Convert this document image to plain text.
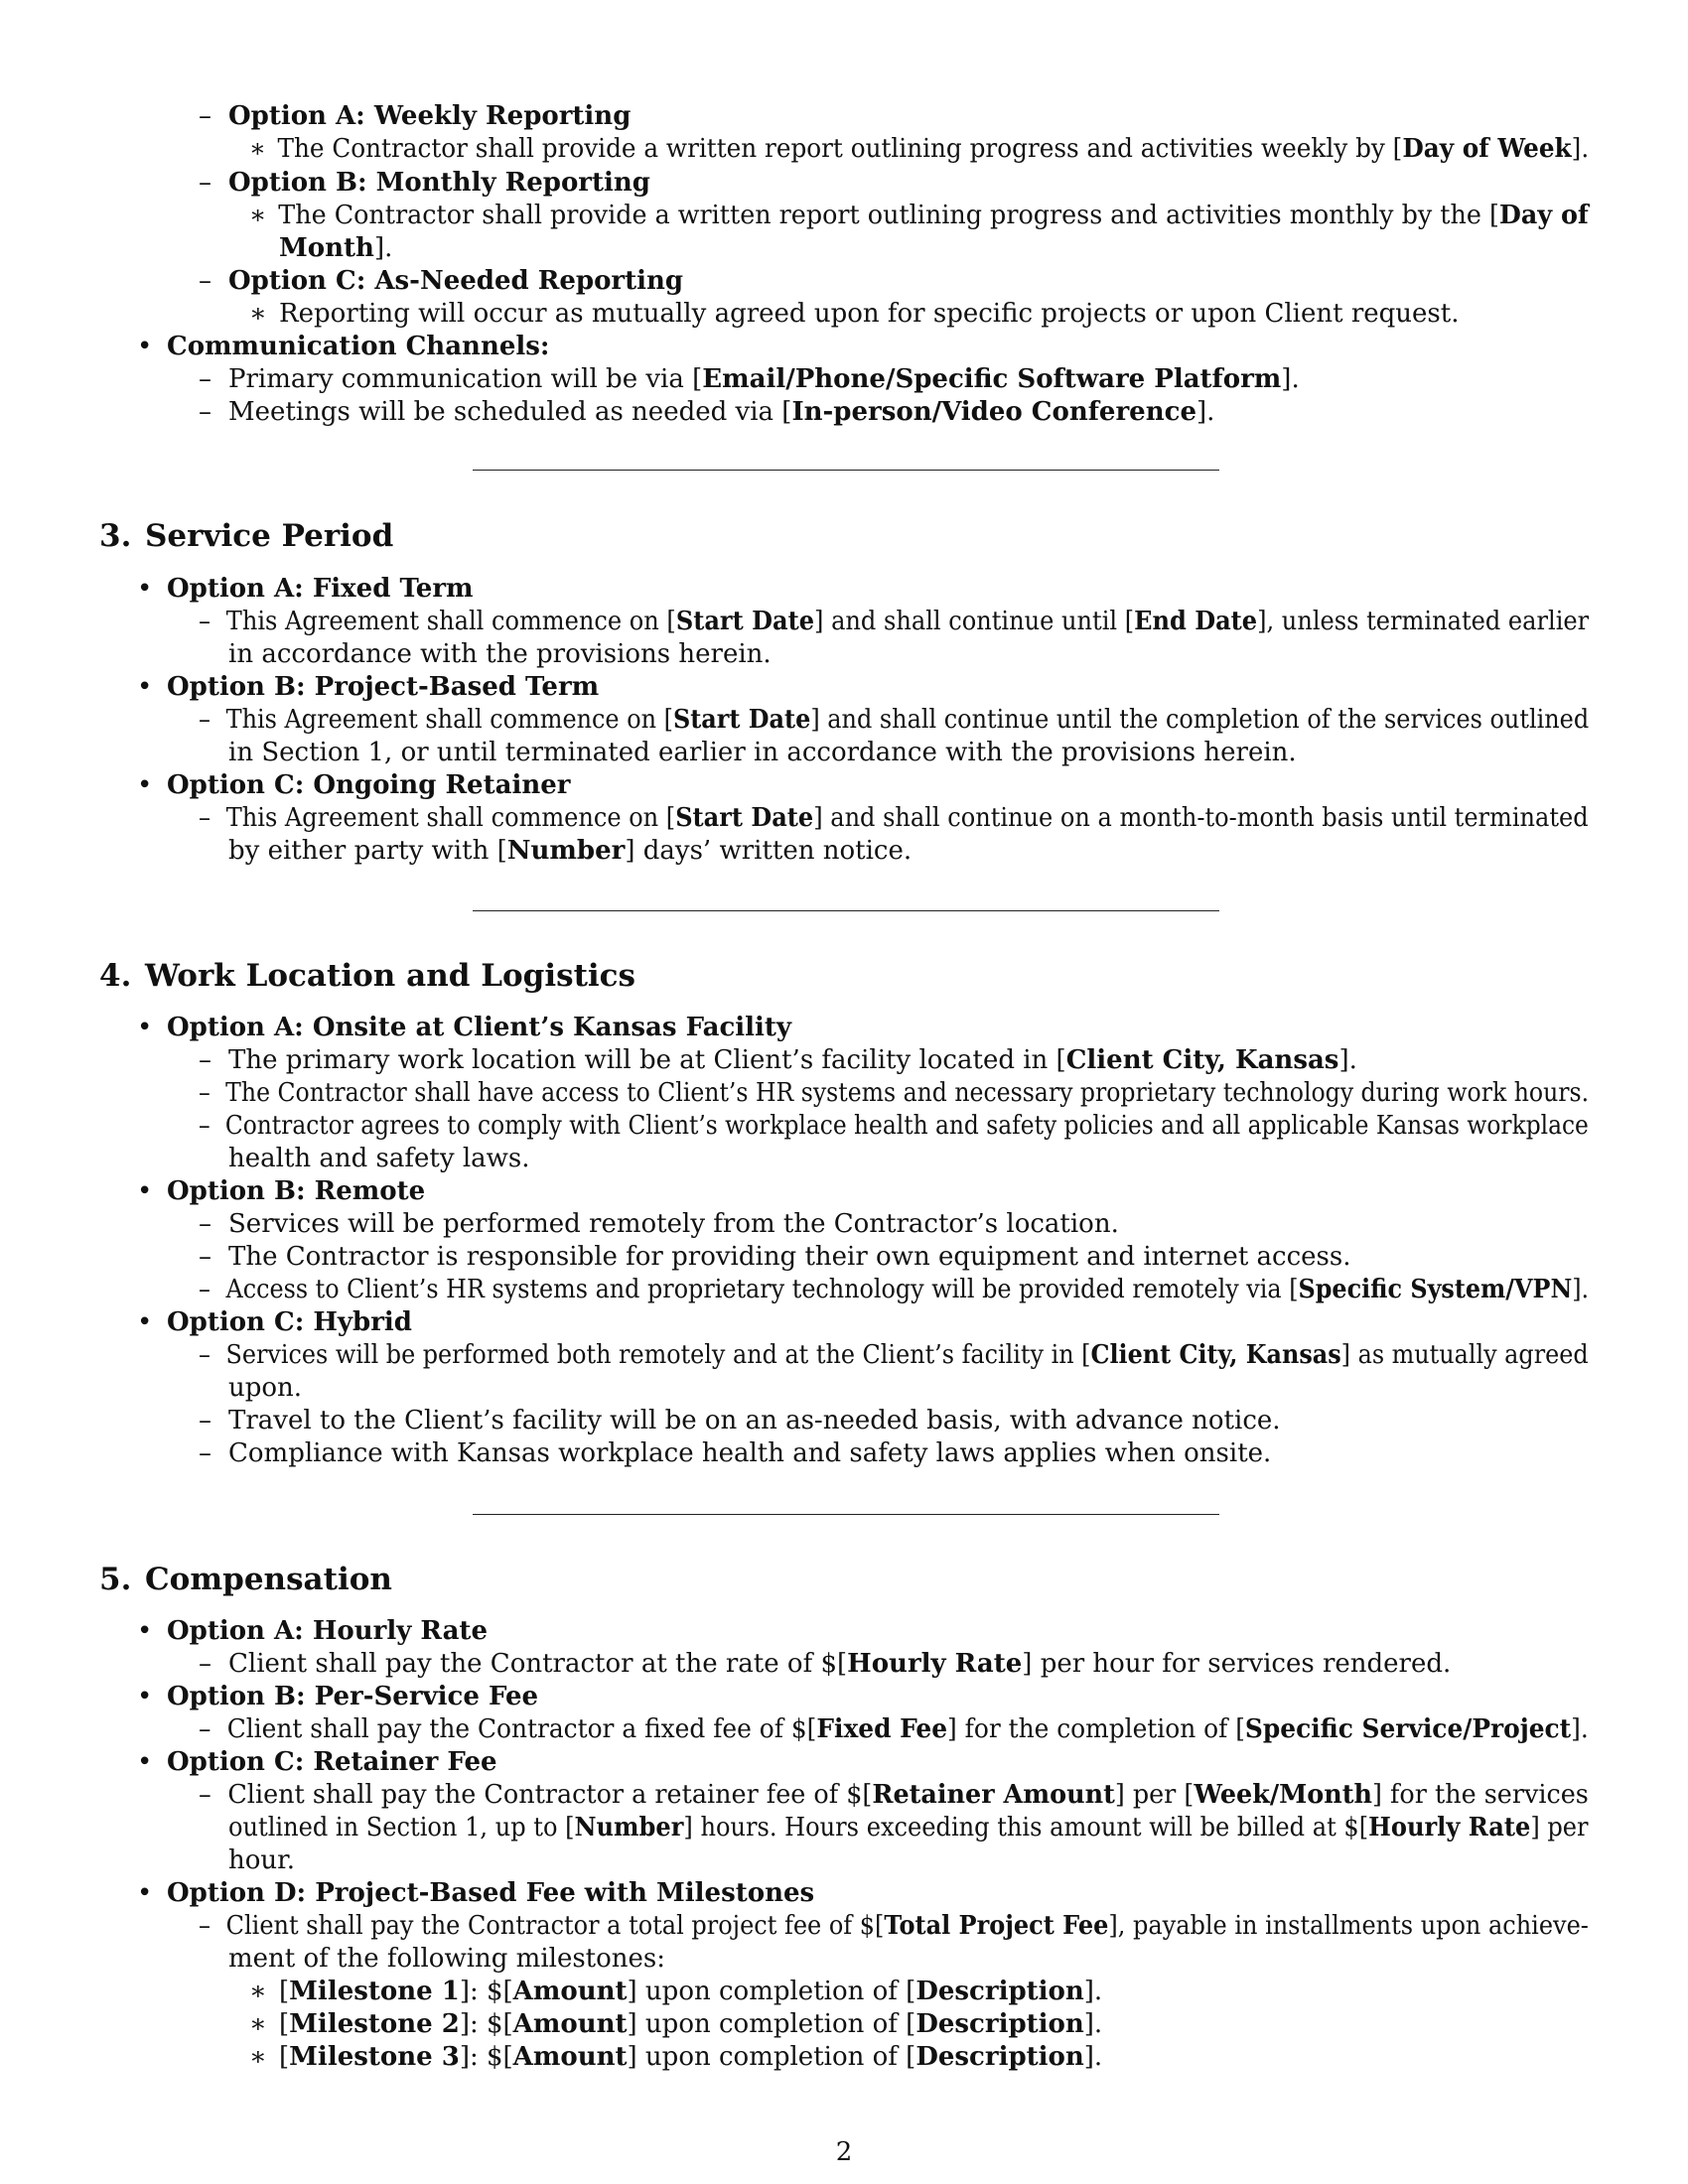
– Option A: Weekly Reporting
∗ The Contractor shall provide a written report outlining progress and activities weekly by [Day of Week].
– Option B: Monthly Reporting
∗ The Contractor shall provide a written report outlining progress and activities monthly by the [Day of
Month].
– Option C: As-Needed Reporting
∗ Reporting will occur as mutually agreed upon for specific projects or upon Client request.
• Communication Channels:
– Primary communication will be via [Email/Phone/Specific Software Platform].
– Meetings will be scheduled as needed via [In-person/Video Conference].
3. Service Period
• Option A: Fixed Term
– This Agreement shall commence on [Start Date] and shall continue until [End Date], unless terminated earlier
in accordance with the provisions herein.
• Option B: Project-Based Term
– This Agreement shall commence on [Start Date] and shall continue until the completion of the services outlined
in Section 1, or until terminated earlier in accordance with the provisions herein.
• Option C: Ongoing Retainer
– This Agreement shall commence on [Start Date] and shall continue on a month-to-month basis until terminated
by either party with [Number] days’ written notice.
4. Work Location and Logistics
• Option A: Onsite at Client’s Kansas Facility
– The primary work location will be at Client’s facility located in [Client City, Kansas].
– The Contractor shall have access to Client’s HR systems and necessary proprietary technology during work hours.
– Contractor agrees to comply with Client’s workplace health and safety policies and all applicable Kansas workplace
health and safety laws.
• Option B: Remote
– Services will be performed remotely from the Contractor’s location.
– The Contractor is responsible for providing their own equipment and internet access.
– Access to Client’s HR systems and proprietary technology will be provided remotely via [Specific System/VPN].
• Option C: Hybrid
– Services will be performed both remotely and at the Client’s facility in [Client City, Kansas] as mutually agreed
upon.
– Travel to the Client’s facility will be on an as-needed basis, with advance notice.
– Compliance with Kansas workplace health and safety laws applies when onsite.
5. Compensation
• Option A: Hourly Rate
– Client shall pay the Contractor at the rate of $[Hourly Rate] per hour for services rendered.
• Option B: Per-Service Fee
– Client shall pay the Contractor a fixed fee of $[Fixed Fee] for the completion of [Specific Service/Project].
• Option C: Retainer Fee
– Client shall pay the Contractor a retainer fee of $[Retainer Amount] per [Week/Month] for the services
outlined in Section 1, up to [Number] hours. Hours exceeding this amount will be billed at $[Hourly Rate] per
hour.
• Option D: Project-Based Fee with Milestones
– Client shall pay the Contractor a total project fee of $[Total Project Fee], payable in installments upon achieve-
ment of the following milestones:
∗ [Milestone 1]: $[Amount] upon completion of [Description].
∗ [Milestone 2]: $[Amount] upon completion of [Description].
∗ [Milestone 3]: $[Amount] upon completion of [Description].
2
